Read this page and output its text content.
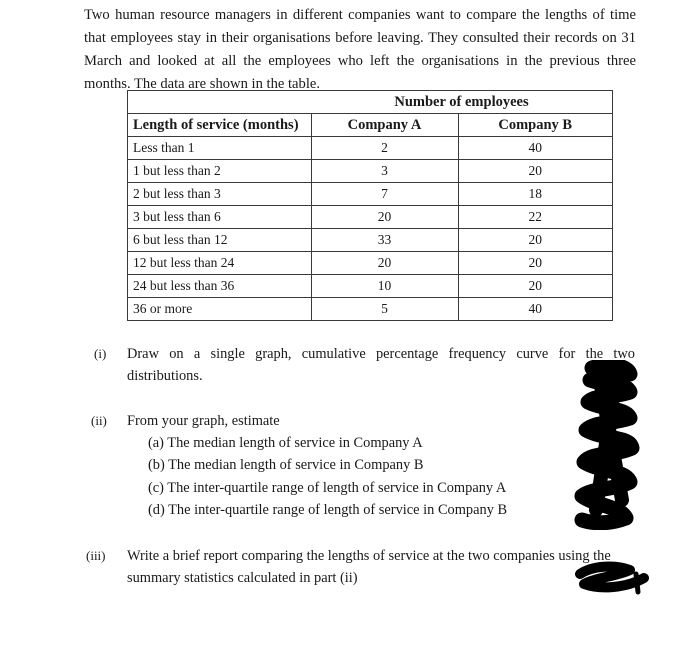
Two human resource managers in different companies want to compare the lengths of time that employees stay in their organisations before leaving. They consulted their records on 31 March and looked at all the employees who left the organisations in the previous three months. The data are shown in the table.

	Number of employees	
Length of service (months)	Company A	Company B
Less than 1	2	40
1 but less than 2	3	20
2 but less than 3	7	18
3 but less than 6	20	22
6 but less than 12	33	20
12 but less than 24	20	20
24 but less than 36	10	20
36 or more	5	40
(i) Draw on a single graph, cumulative percentage frequency curve for the two
distributions.
(ii) From your graph, estimate
(a) The median length of service in Company A
(b) The median length of service in Company B
(c) The inter-quartile range of length of service in Company A
(d) The inter-quartile range of length of service in Company B
(iii) Write a brief report comparing the lengths of service at the two companies using the
summary statistics calculated in part (ii)
